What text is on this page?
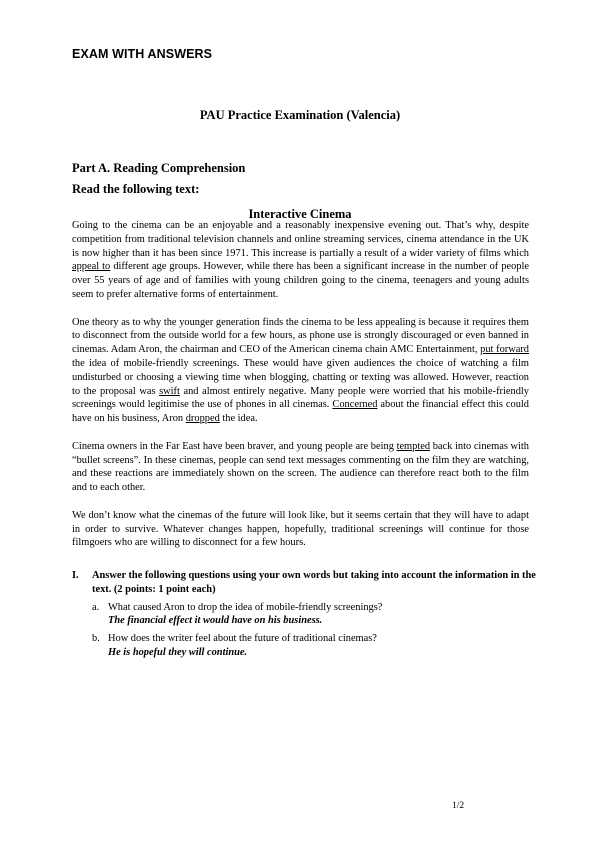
EXAM WITH ANSWERS
PAU Practice Examination (Valencia)
Part A. Reading Comprehension
Read the following text:
Interactive Cinema

Going to the cinema can be an enjoyable and a reasonably inexpensive evening out. That’s why, despite competition from traditional television channels and online streaming services, cinema attendance in the UK is now higher than it has been since 1971. This increase is partially a result of a wider variety of films which appeal to different age groups. However, while there has been a significant increase in the number of people over 55 years of age and of families with young children going to the cinema, teenagers and young adults seem to prefer alternative forms of entertainment.

One theory as to why the younger generation finds the cinema to be less appealing is because it requires them to disconnect from the outside world for a few hours, as phone use is strongly discouraged or even banned in cinemas. Adam Aron, the chairman and CEO of the American cinema chain AMC Entertainment, put forward the idea of mobile-friendly screenings. These would have given audiences the choice of watching a film undisturbed or choosing a viewing time when blogging, chatting or texting was allowed. However, reaction to the proposal was swift and almost entirely negative. Many people were worried that his mobile-friendly screenings would legitimise the use of phones in all cinemas. Concerned about the financial effect this could have on his business, Aron dropped the idea.

Cinema owners in the Far East have been braver, and young people are being tempted back into cinemas with “bullet screens”. In these cinemas, people can send text messages commenting on the film they are watching, and these reactions are immediately shown on the screen. The audience can therefore react both to the film and to each other.

We don’t know what the cinemas of the future will look like, but it seems certain that they will have to adapt in order to survive. Whatever changes happen, hopefully, traditional screenings will continue for those filmgoers who are willing to disconnect for a few hours.

I. Answer the following questions using your own words but taking into account the information in the text. (2 points: 1 point each)
a. What caused Aron to drop the idea of mobile-friendly screenings?
The financial effect it would have on his business.
b. How does the writer feel about the future of traditional cinemas?
He is hopeful they will continue.
1/2
